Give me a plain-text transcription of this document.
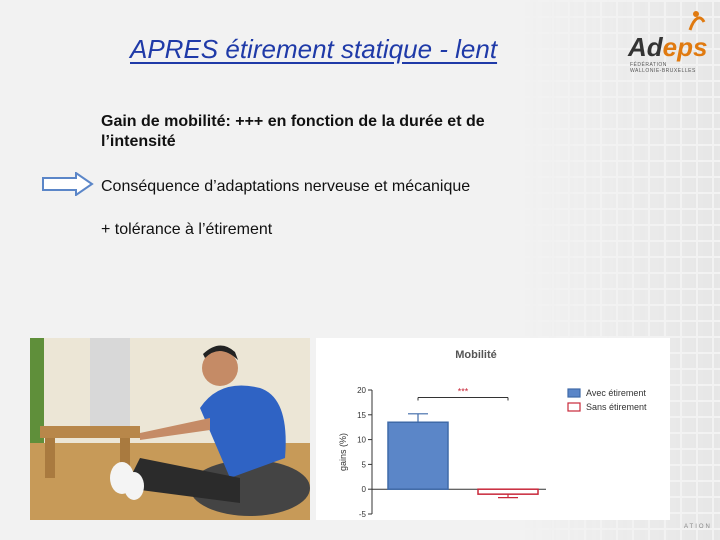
APRES étirement statique - lent	Adeps
FÉDÉRATION
WALLONIE-BRUXELLES
Gain de mobilité: +++ en fonction de la durée et de l’intensité
Conséquence d’adaptations nerveuse et mécanique
+ tolérance à l’étirement
Mobilité
-5
0
5
10
15
20
gains (%)
***	Avec étirement
Sans étirement
ATION
